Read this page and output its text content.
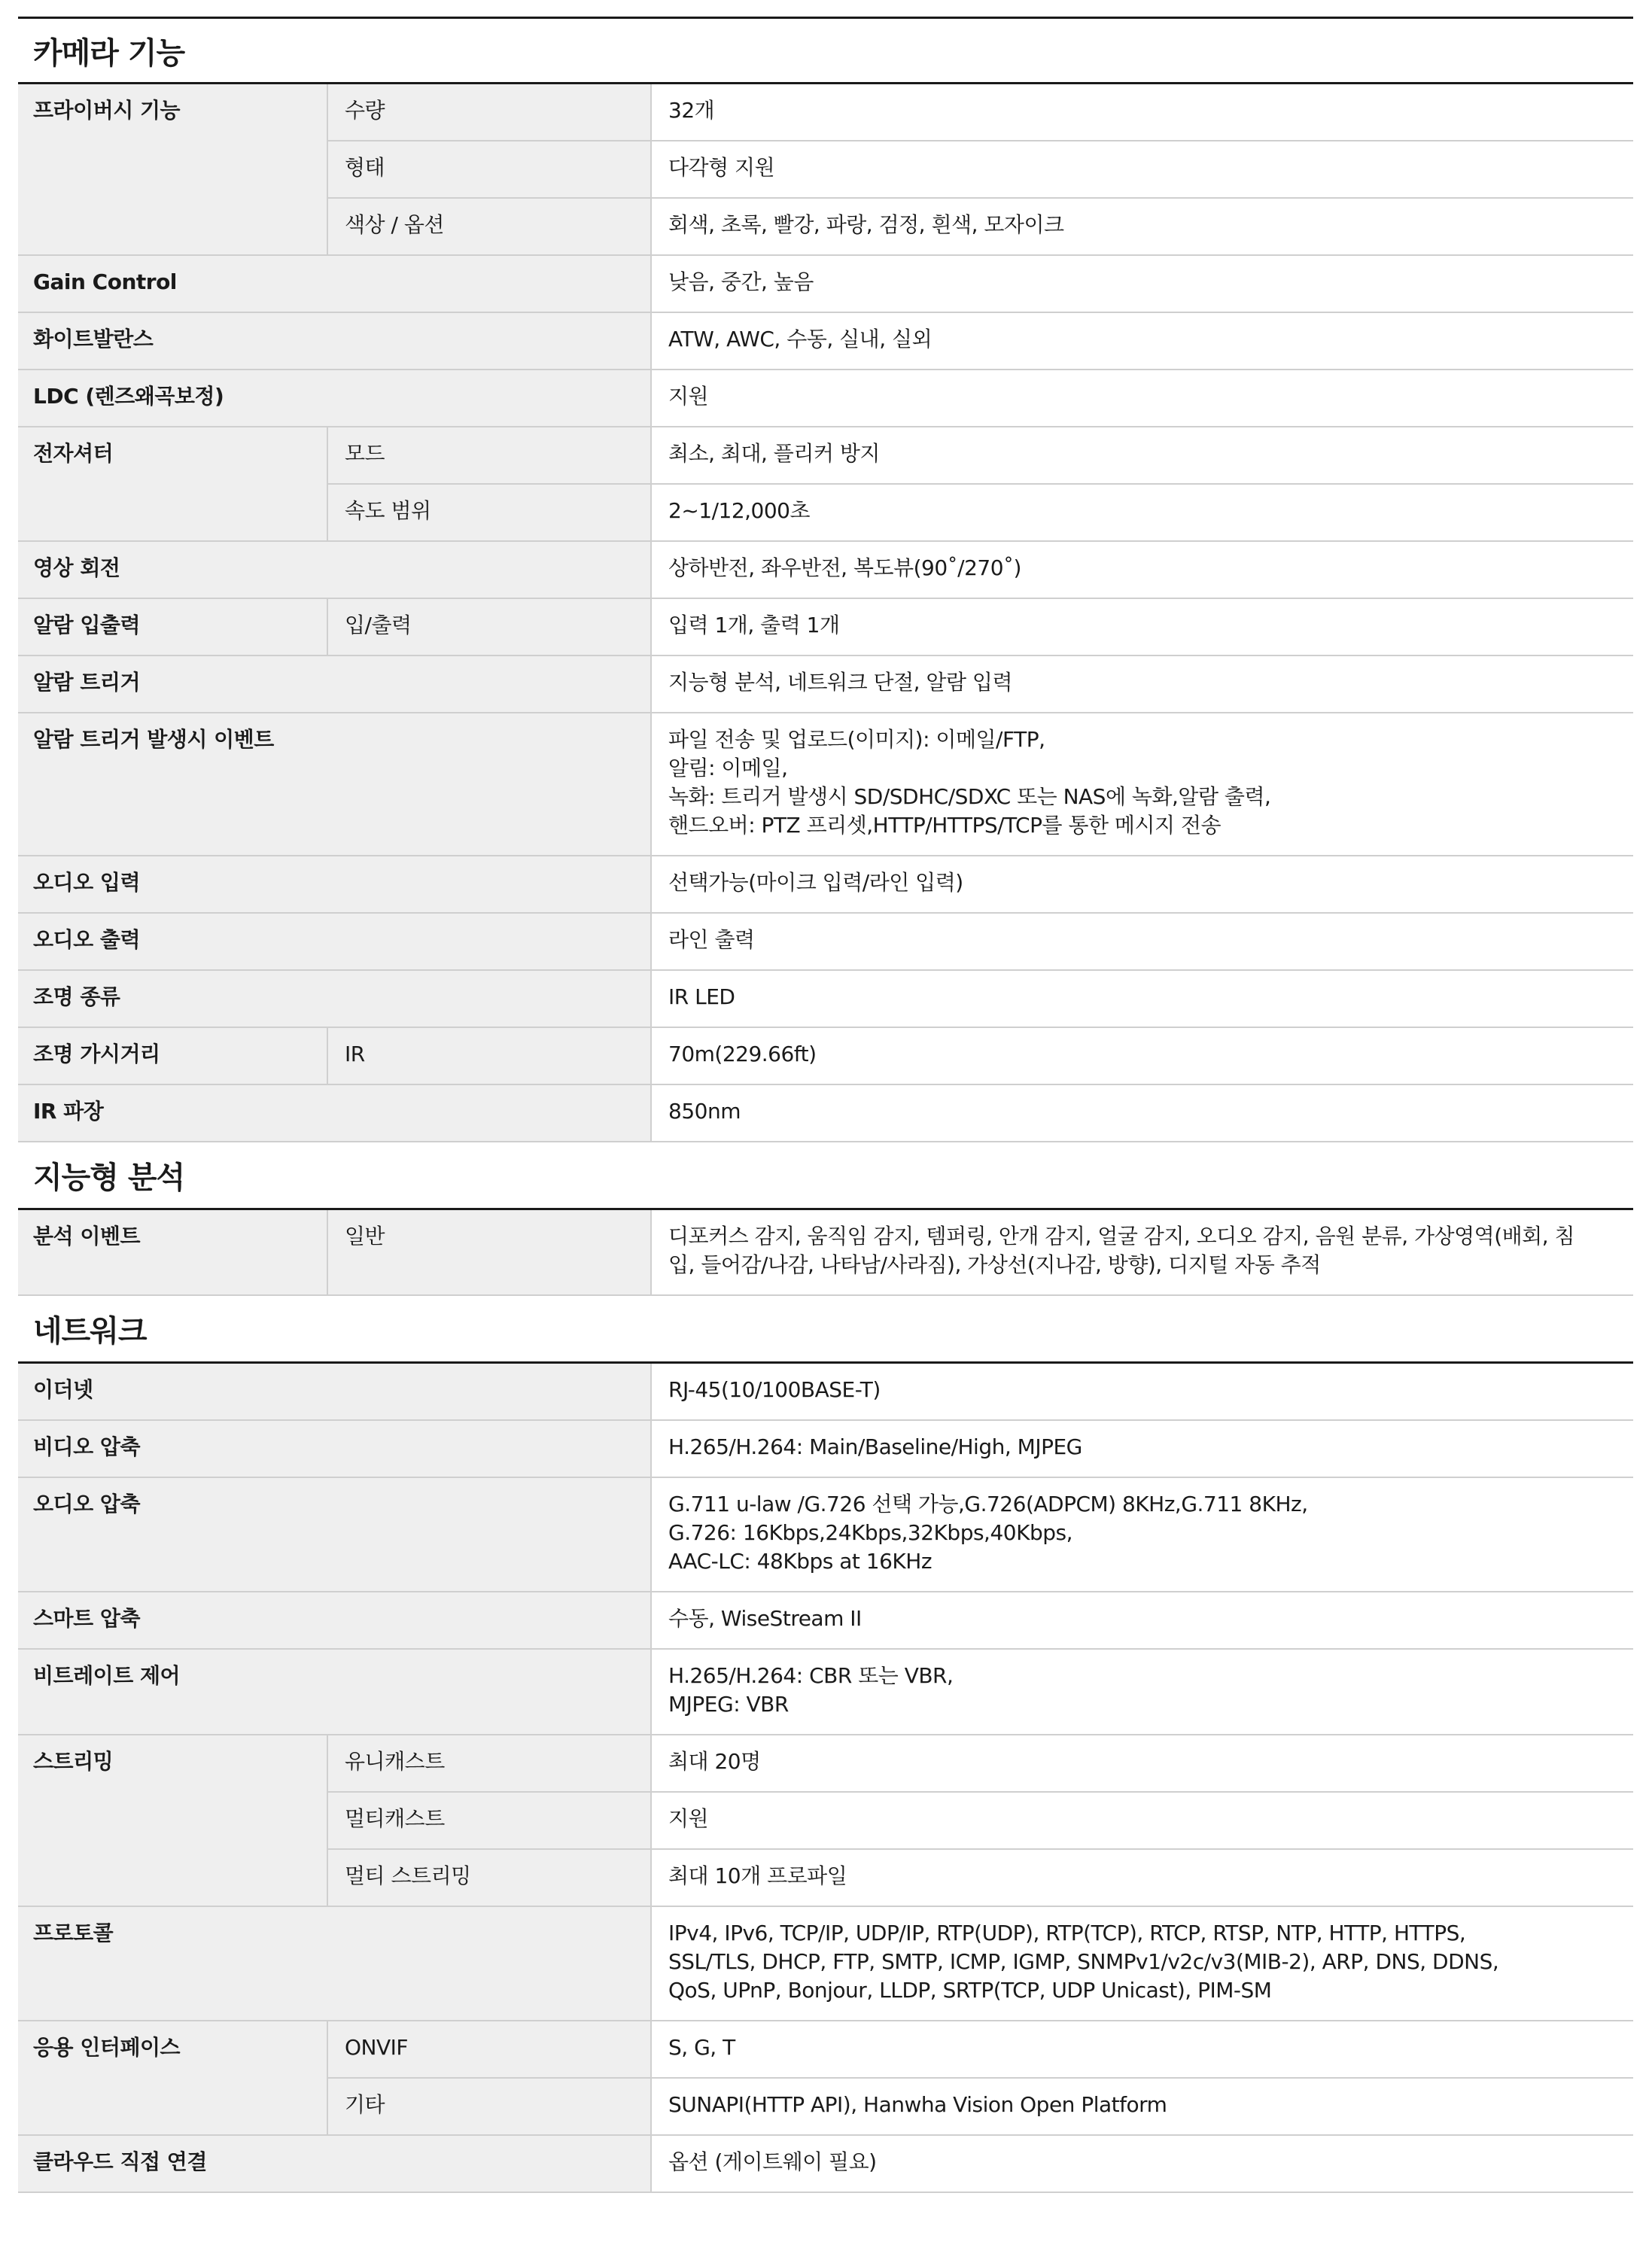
카메라 기능
프라이버시 기능	수량	32개
형태	다각형 지원
색상 / 옵션	회색, 초록, 빨강, 파랑, 검정, 흰색, 모자이크
Gain Control	낮음, 중간, 높음
화이트발란스	ATW, AWC, 수동, 실내, 실외
LDC (렌즈왜곡보정)	지원
전자셔터	모드	최소, 최대, 플리커 방지
속도 범위	2~1/12,000초
영상 회전	상하반전, 좌우반전, 복도뷰(90˚/270˚)
알람 입출력	입/출력	입력 1개, 출력 1개
알람 트리거	지능형 분석, 네트워크 단절, 알람 입력
알람 트리거 발생시 이벤트	파일 전송 및 업로드(이미지): 이메일/FTP,
알림: 이메일,
녹화: 트리거 발생시 SD/SDHC/SDXC 또는 NAS에 녹화,알람 출력,
핸드오버: PTZ 프리셋,HTTP/HTTPS/TCP를 통한 메시지 전송
오디오 입력	선택가능(마이크 입력/라인 입력)
오디오 출력	라인 출력
조명 종류	IR LED
조명 가시거리	IR	70m(229.66ft)
IR 파장	850nm
지능형 분석
분석 이벤트	일반	디포커스 감지, 움직임 감지, 템퍼링, 안개 감지, 얼굴 감지, 오디오 감지, 음원 분류, 가상영역(배회, 침
입, 들어감/나감, 나타남/사라짐), 가상선(지나감, 방향), 디지털 자동 추적
네트워크
이더넷	RJ-45(10/100BASE-T)
비디오 압축	H.265/H.264: Main/Baseline/High, MJPEG
오디오 압축	G.711 u-law /G.726 선택 가능,G.726(ADPCM) 8KHz,G.711 8KHz,
G.726: 16Kbps,24Kbps,32Kbps,40Kbps,
AAC-LC: 48Kbps at 16KHz
스마트 압축	수동, WiseStream II
비트레이트 제어	H.265/H.264: CBR 또는 VBR,
MJPEG: VBR
스트리밍	유니캐스트	최대 20명
멀티캐스트	지원
멀티 스트리밍	최대 10개 프로파일
프로토콜	IPv4, IPv6, TCP/IP, UDP/IP, RTP(UDP), RTP(TCP), RTCP, RTSP, NTP, HTTP, HTTPS,
SSL/TLS, DHCP, FTP, SMTP, ICMP, IGMP, SNMPv1/v2c/v3(MIB-2), ARP, DNS, DDNS,
QoS, UPnP, Bonjour, LLDP, SRTP(TCP, UDP Unicast), PIM-SM
응용 인터페이스	ONVIF	S, G, T
기타	SUNAPI(HTTP API), Hanwha Vision Open Platform
클라우드 직접 연결	옵션 (게이트웨이 필요)
